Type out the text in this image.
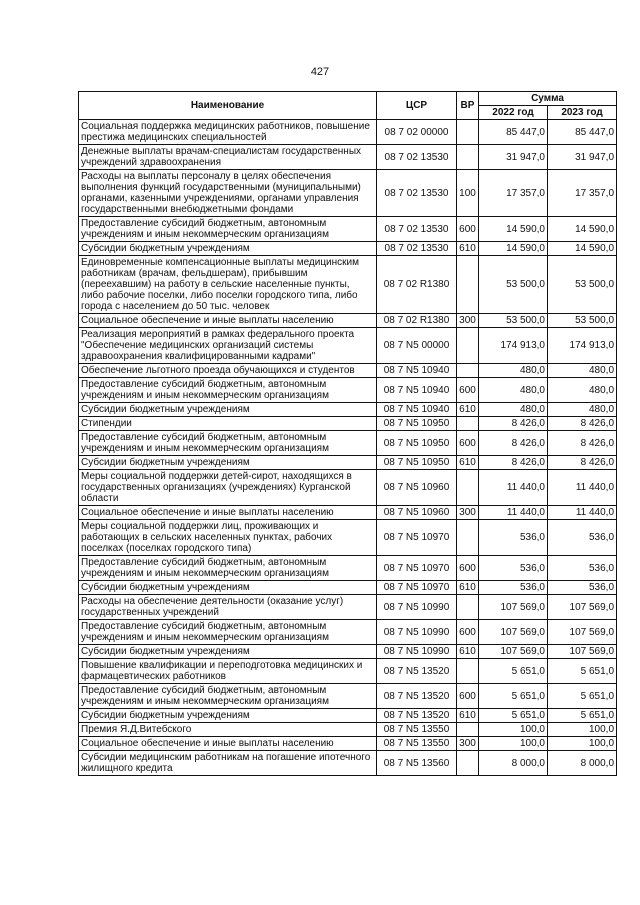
427
Наименование	ЦСР	ВР	Сумма	
			2022 год	2023 год
Социальная поддержка медицинских работников, повышение престижа медицинских специальностей	08 7 02 00000		85 447,0	85 447,0
Денежные выплаты врачам-специалистам государственных учреждений здравоохранения	08 7 02 13530		31 947,0	31 947,0
Расходы на выплаты персоналу в целях обеспечения выполнения функций государственными (муниципальными) органами, казенными учреждениями, органами управления государственными внебюджетными фондами	08 7 02 13530	100	17 357,0	17 357,0
Предоставление субсидий бюджетным, автономным учреждениям и иным некоммерческим организациям	08 7 02 13530	600	14 590,0	14 590,0
Субсидии бюджетным учреждениям	08 7 02 13530	610	14 590,0	14 590,0
Единовременные компенсационные выплаты медицинским работникам (врачам, фельдшерам), прибывшим (переехавшим) на работу в сельские населенные пункты, либо рабочие поселки, либо поселки городского типа, либо города с населением до 50 тыс. человек	08 7 02 R1380		53 500,0	53 500,0
Социальное обеспечение и иные выплаты населению	08 7 02 R1380	300	53 500,0	53 500,0
Реализация мероприятий в рамках федерального проекта "Обеспечение медицинских организаций системы здравоохранения квалифицированными кадрами"	08 7 N5 00000		174 913,0	174 913,0
Обеспечение льготного проезда обучающихся и студентов	08 7 N5 10940		480,0	480,0
Предоставление субсидий бюджетным, автономным учреждениям и иным некоммерческим организациям	08 7 N5 10940	600	480,0	480,0
Субсидии бюджетным учреждениям	08 7 N5 10940	610	480,0	480,0
Стипендии	08 7 N5 10950		8 426,0	8 426,0
Предоставление субсидий бюджетным, автономным учреждениям и иным некоммерческим организациям	08 7 N5 10950	600	8 426,0	8 426,0
Субсидии бюджетным учреждениям	08 7 N5 10950	610	8 426,0	8 426,0
Меры социальной поддержки детей-сирот, находящихся в государственных организациях (учреждениях) Курганской области	08 7 N5 10960		11 440,0	11 440,0
Социальное обеспечение и иные выплаты населению	08 7 N5 10960	300	11 440,0	11 440,0
Меры социальной поддержки лиц, проживающих и работающих в сельских населенных пунктах, рабочих поселках (поселках городского типа)	08 7 N5 10970		536,0	536,0
Предоставление субсидий бюджетным, автономным учреждениям и иным некоммерческим организациям	08 7 N5 10970	600	536,0	536,0
Субсидии бюджетным учреждениям	08 7 N5 10970	610	536,0	536,0
Расходы на обеспечение деятельности (оказание услуг) государственных учреждений	08 7 N5 10990		107 569,0	107 569,0
Предоставление субсидий бюджетным, автономным учреждениям и иным некоммерческим организациям	08 7 N5 10990	600	107 569,0	107 569,0
Субсидии бюджетным учреждениям	08 7 N5 10990	610	107 569,0	107 569,0
Повышение квалификации и переподготовка медицинских и фармацевтических работников	08 7 N5 13520		5 651,0	5 651,0
Предоставление субсидий бюджетным, автономным учреждениям и иным некоммерческим организациям	08 7 N5 13520	600	5 651,0	5 651,0
Субсидии бюджетным учреждениям	08 7 N5 13520	610	5 651,0	5 651,0
Премия Я.Д.Витебского	08 7 N5 13550		100,0	100,0
Социальное обеспечение и иные выплаты населению	08 7 N5 13550	300	100,0	100,0
Субсидии медицинским работникам на погашение ипотечного жилищного кредита	08 7 N5 13560		8 000,0	8 000,0
